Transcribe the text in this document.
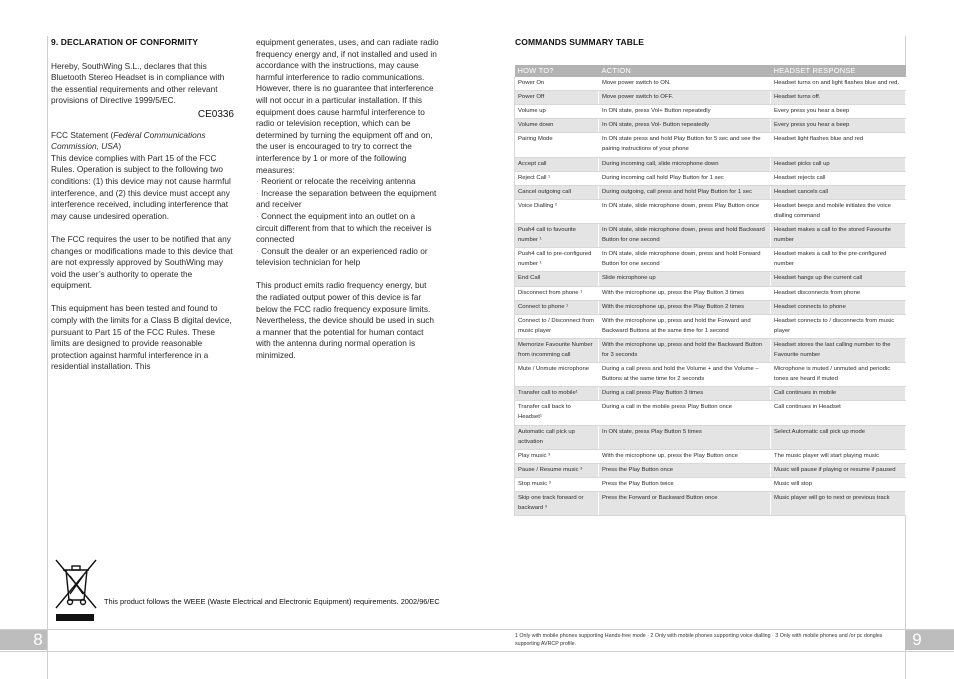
8	9
9. DECLARATION OF CONFORMITY

Hereby, SouthWing S.L., declares that this Bluetooth Stereo Headset is in compliance with the essential requirements and other relevant provisions of Directive 1999/5/EC.

CE0336
FCC Statement (Federal Communications Commission, USA)

This device complies with Part 15 of the FCC Rules. Operation is subject to the following two conditions: (1) this device may not cause harmful interference, and (2) this device must accept any interference received, including interference that may cause undesired operation.

The FCC requires the user to be notified that any changes or modifications made to this device that are not expressly approved by SouthWing may void the user’s authority to operate the equipment.

This equipment has been tested and found to comply with the limits for a Class B digital device, pursuant to Part 15 of the FCC Rules. These limits are designed to provide reasonable protection against harmful interference in a residential installation. This

equipment generates, uses, and can radiate radio frequency energy and, if not installed and used in accordance with the instructions, may cause harmful interference to radio communications. However, there is no guarantee that interference will not occur in a particular installation. If this equipment does cause harmful interference to radio or television reception, which can be determined by turning the equipment off and on, the user is encouraged to try to correct the interference by 1 or more of the following measures:

· Reorient or relocate the receiving antenna
· Increase the separation between the equipment and receiver
· Connect the equipment into an outlet on a circuit different from that to which the receiver is connected
· Consult the dealer or an experienced radio or television technician for help

This product emits radio frequency energy, but the radiated output power of this device is far below the FCC radio frequency exposure limits. Nevertheless, the device should be used in such a manner that the potential for human contact with the antenna during normal operation is minimized.

This product follows the WEEE (Waste Electrical and Electronic Equipment) requirements. 2002/96/EC
COMMANDS SUMMARY TABLE
HOW TO?	ACTION	HEADSET RESPONSE
Power On	Move power switch to ON.	Headset turns on and light flashes blue and red.
Power Off	Move power switch to OFF.	Headset turns off.
Volume up	In ON state, press Vol+ Button repeatedly	Every press you hear a beep
Volume down	In ON state, press Vol- Button repeatedly	Every press you hear a beep
Pairing Mode	In ON state press and hold Play Button for 5 sec and see the pairing instructions of your phone	Headset light flashes blue and red
Accept call	During incoming call, slide microphone down	Headset picks call up
Reject Call ¹	During incoming call hold Play Button for 1 sec	Headset rejects call
Cancel outgoing call	During outgoing, call press and hold Play Button for 1 sec	Headset cancels call
Voice Dialling ²	In ON state, slide microphone down, press Play Button once	Headset beeps and mobile initiates the voice dialling command
Push4 call to favourite number ¹	In ON state, slide microphone down, press and hold Backward Button for one second	Headset makes a call to the stored Favourite number
Push4 call to pre-configured number ¹	In ON state, slide microphone down, press and hold Forward Button for one second	Headset makes a call to the pre-configured number
End Call	Slide microphone up	Headset hangs up the current call
Disconnect from phone ¹	With the microphone up, press the Play Button 3 times	Headset disconnects from phone
Connect to phone ¹	With the microphone up, press the Play Button 2 times	Headset connects to phone
Connect to / Disconnect from music player	With the microphone up, press and hold the Forward and Backward Buttons at the same time for 1 second	Headset connects to / disconnects from music player
Memorize Favourite Number from incomming call	With the microphone up, press and hold the Backward Button for 3 seconds	Headset stores the last calling number to the Favourite number
Mute / Unmute microphone	During a call press and hold the Volume + and the Volume – Buttons at the same time for 2 seconds	Microphone is muted / unmuted and periodic tones are heard if muted
Transfer call to mobile¹	During a call press Play Button 3 times	Call continues in mobile
Transfer call back to Headset¹	During a call in the mobile press Play Button once	Call continues in Headset
Automatic call pick up activation	In ON state, press Play Button 5 times	Select Automatic call pick up mode
Play music ³	With the microphone up, press the Play Button once	The music player will start playing music
Pause / Resume music ³	Press the Play Button once	Music will pause if playing or resume if paused
Stop music ³	Press the Play Button twice	Music will stop
Skip one track forward or backward ³	Press the Forward or Backward Button once	Music player will go to next or previous track
1 Only with mobile phones supporting Hands-free mode · 2 Only with mobile phones supporting voice dialling · 3 Only with mobile phones and /or pc dongles supporting AVRCP profile.
